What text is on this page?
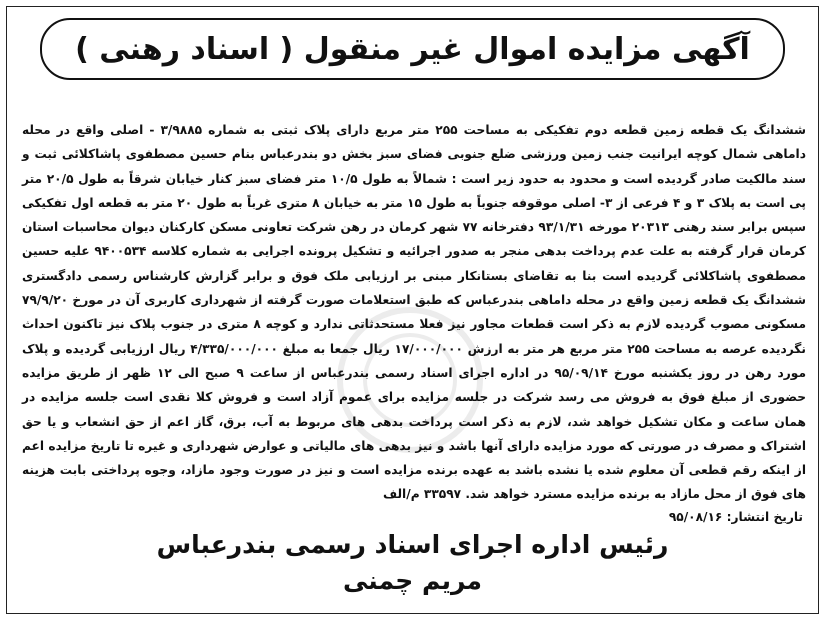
آگهی مزایده اموال غیر منقول ( اسناد رهنی )
ششدانگ یک قطعه زمین قطعه دوم تفکیکی به مساحت ۲۵۵ متر مربع دارای پلاک ثبتی به شماره ۳/۹۸۸۵ - اصلی واقع در محله داماهی شمال کوچه ایرانیت جنب زمین ورزشی ضلع جنوبی فضای سبز بخش دو بندرعباس بنام حسین مصطفوی پاشاکلائی ثبت و سند مالکیت صادر گردیده است و محدود به حدود زیر است : شمالاً به طول ۱۰/۵ متر فضای سبز کنار خیابان شرقاً به طول ۲۰/۵ متر پی است به پلاک ۳ و ۴ فرعی از ۳- اصلی موقوفه جنوباً به طول ۱۵ متر به خیابان ۸ متری غرباً به طول ۲۰ متر به قطعه اول تفکیکی سپس برابر سند رهنی ۲۰۳۱۳ مورخه ۹۳/۱/۳۱ دفترخانه ۷۷ شهر کرمان در رهن شرکت تعاونی مسکن کارکنان دیوان محاسبات استان کرمان قرار گرفته به علت عدم پرداخت بدهی منجر به صدور اجرائیه و تشکیل پرونده اجرایی به شماره کلاسه ۹۴۰۰۵۳۴ علیه حسین مصطفوی پاشاکلائی گردیده است بنا به تقاضای بستانکار مبنی بر ارزیابی ملک فوق و برابر گزارش کارشناس رسمی دادگستری ششدانگ یک قطعه زمین واقع در محله داماهی بندرعباس که طبق استعلامات صورت گرفته از شهرداری کاربری آن در مورخ ۷۹/۹/۲۰ مسکونی مصوب گردیده لازم به ذکر است قطعات مجاور نیز فعلا مستحدثاتی ندارد و کوچه ۸ متری در جنوب پلاک نیز تاکنون احداث نگردیده عرصه به مساحت ۲۵۵ متر مربع هر متر به ارزش ۱۷/۰۰۰/۰۰۰ ریال جمعا به مبلغ ۴/۳۳۵/۰۰۰/۰۰۰ ریال ارزیابی گردیده و پلاک مورد رهن در روز یکشنبه مورخ ۹۵/۰۹/۱۴ در اداره اجرای اسناد رسمی بندرعباس از ساعت ۹ صبح الی ۱۲ ظهر از طریق مزایده حضوری از مبلغ فوق به فروش می رسد شرکت در جلسه مزایده برای عموم آزاد است و فروش کلا نقدی است جلسه مزایده در همان ساعت و مکان تشکیل خواهد شد، لازم به ذکر است پرداخت بدهی های مربوط به آب، برق، گاز اعم از حق انشعاب و یا حق اشتراک و مصرف در صورتی که مورد مزایده دارای آنها باشد و نیز بدهی های مالیاتی و عوارض شهرداری و غیره تا تاریخ مزایده اعم از اینکه رقم قطعی آن معلوم شده یا نشده باشد به عهده برنده مزایده است و نیز در صورت وجود مازاد، وجوه پرداختی بابت هزینه های فوق از محل مازاد به برنده مزایده مسترد خواهد شد. ۳۳۵۹۷ م/الف
تاریخ انتشار: ۹۵/۰۸/۱۶
رئیس اداره اجرای اسناد رسمی بندرعباس
مریم چمنی
